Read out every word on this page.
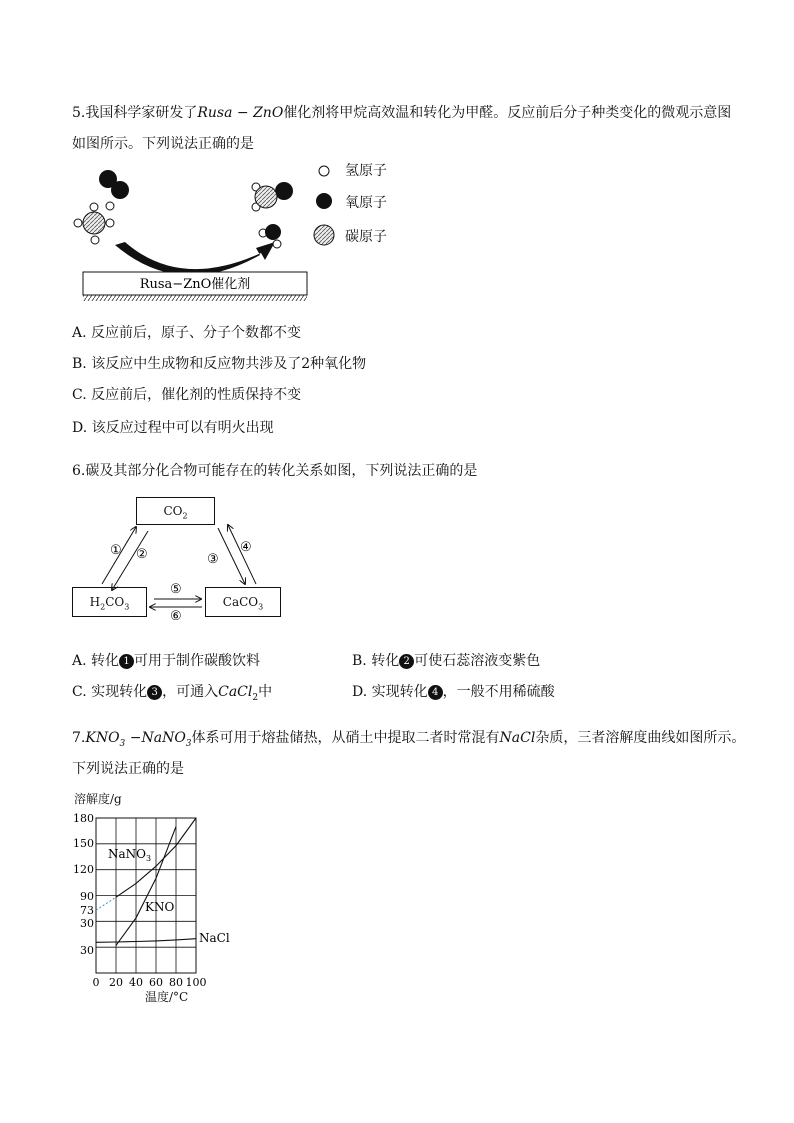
5.我国科学家研发了Rusa − ZnO催化剂将甲烷高效温和转化为甲醛。反应前后分子种类变化的微观示意图
如图所示。下列说法正确的是
Rusa−ZnO催化剂
氢原子
氧原子
碳原子
A. 反应前后，原子、分子个数都不变
B. 该反应中生成物和反应物共涉及了2种氧化物
C. 反应前后，催化剂的性质保持不变
D. 该反应过程中可以有明火出现
6.碳及其部分化合物可能存在的转化关系如图，下列说法正确的是
$CO_2$
$H_2CO_3$	CaCO$_3$
① ②	③
④
⑤
⑥
A. 转化 1 可用于制作碳酸饮料	B. 转化 2 可使石蕊溶液变紫色
C. 实现转化 3 ，可通入CaCl$_2$中	D. 实现转化 4 ，一般不用稀硫酸
$7.KNO_3$ −NaNO$_3$体系可用于熔盐储热，从硝土中提取二者时常混有NaCl杂质，三者溶解度曲线如图所示。
下列说法正确的是
溶解度/g
0 20 40 60 80 100
180
150
120
90
73
30
30
NaNO$_3$
KNO
NaCl
温度/°C
